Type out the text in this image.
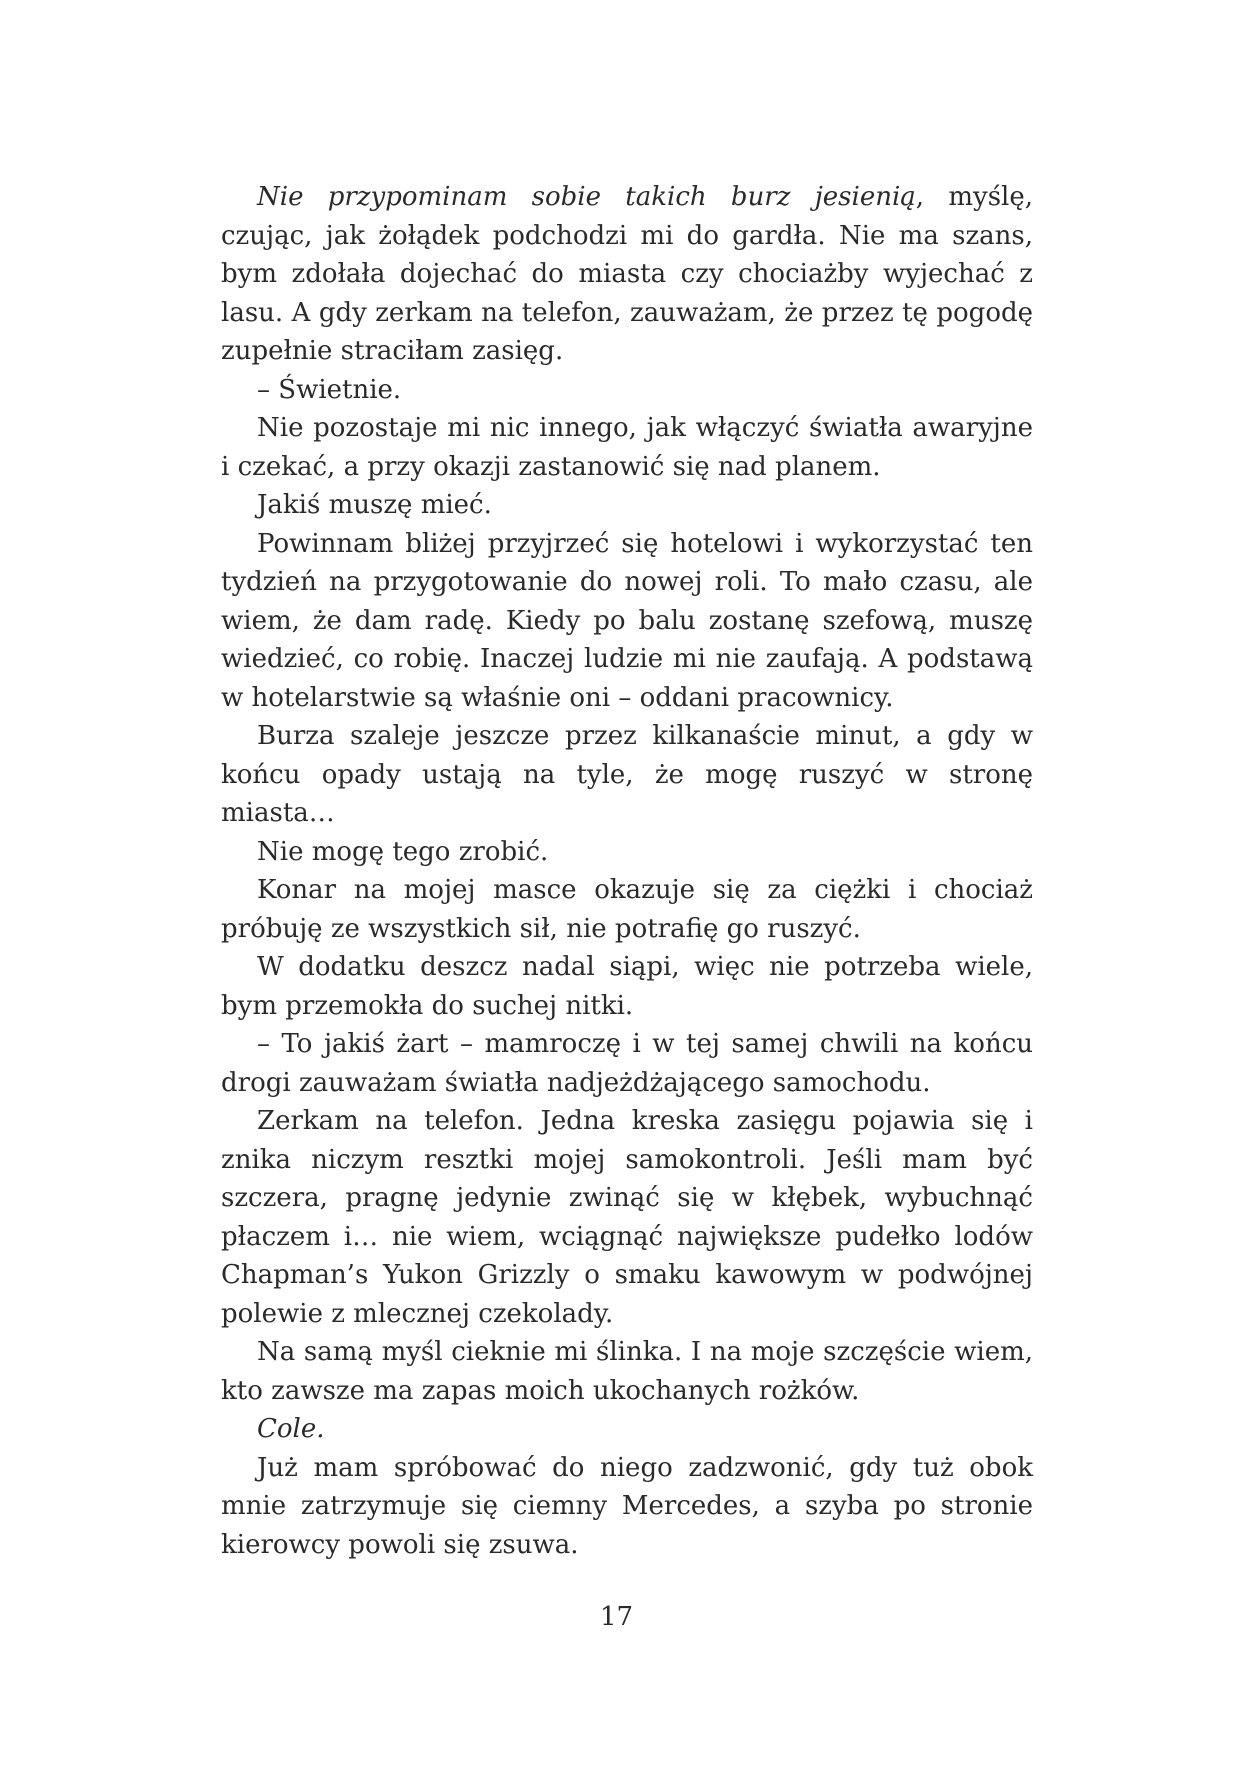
Nie przypominam sobie takich burz jesienią, myślę, czując, jak żołądek podchodzi mi do gardła. Nie ma szans, bym zdołała dojechać do miasta czy chociażby wyjechać z lasu. A gdy zerkam na telefon, zauważam, że przez tę pogodę zupełnie straciłam zasięg.

– Świetnie.

Nie pozostaje mi nic innego, jak włączyć światła awaryjne i czekać, a przy okazji zastanowić się nad planem.

Jakiś muszę mieć.

Powinnam bliżej przyjrzeć się hotelowi i wykorzystać ten tydzień na przygotowanie do nowej roli. To mało czasu, ale wiem, że dam radę. Kiedy po balu zostanę szefową, muszę wiedzieć, co robię. Inaczej ludzie mi nie zaufają. A podstawą w hotelarstwie są właśnie oni – oddani pracownicy.

Burza szaleje jeszcze przez kilkanaście minut, a gdy w końcu opady ustają na tyle, że mogę ruszyć w stronę miasta…

Nie mogę tego zrobić.

Konar na mojej masce okazuje się za ciężki i chociaż próbuję ze wszystkich sił, nie potrafię go ruszyć.

W dodatku deszcz nadal siąpi, więc nie potrzeba wiele, bym przemokła do suchej nitki.

– To jakiś żart – mamroczę i w tej samej chwili na końcu drogi zauważam światła nadjeżdżającego samochodu.

Zerkam na telefon. Jedna kreska zasięgu pojawia się i znika niczym resztki mojej samokontroli. Jeśli mam być szczera, pragnę jedynie zwinąć się w kłębek, wybuchnąć płaczem i… nie wiem, wciągnąć największe pudełko lodów Chapman’s Yukon Grizzly o smaku kawowym w podwójnej polewie z mlecznej czekolady.

Na samą myśl cieknie mi ślinka. I na moje szczęście wiem, kto zawsze ma zapas moich ukochanych rożków.

Cole.

Już mam spróbować do niego zadzwonić, gdy tuż obok mnie zatrzymuje się ciemny Mercedes, a szyba po stronie kierowcy powoli się zsuwa.

17
